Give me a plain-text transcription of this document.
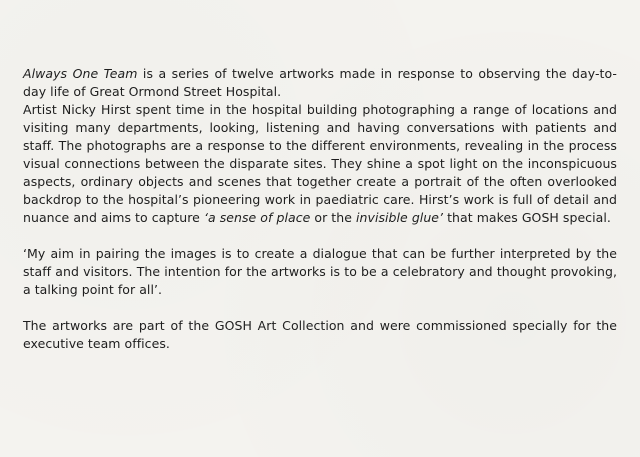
Always One Team is a series of twelve artworks made in response to observing the day-to-day life of Great Ormond Street Hospital.

Artist Nicky Hirst spent time in the hospital building photographing a range of locations and visiting many departments, looking, listening and having conversations with patients and staff. The photographs are a response to the different environments, revealing in the process visual connections between the disparate sites. They shine a spot light on the inconspicuous aspects, ordinary objects and scenes that together create a portrait of the often overlooked backdrop to the hospital’s pioneering work in paediatric care. Hirst’s work is full of detail and nuance and aims to capture ‘a sense of place or the invisible glue’ that makes GOSH special.

‘My aim in pairing the images is to create a dialogue that can be further interpreted by the staff and visitors. The intention for the artworks is to be a celebratory and thought provoking, a talking point for all’.

The artworks are part of the GOSH Art Collection and were commissioned specially for the executive team offices.
